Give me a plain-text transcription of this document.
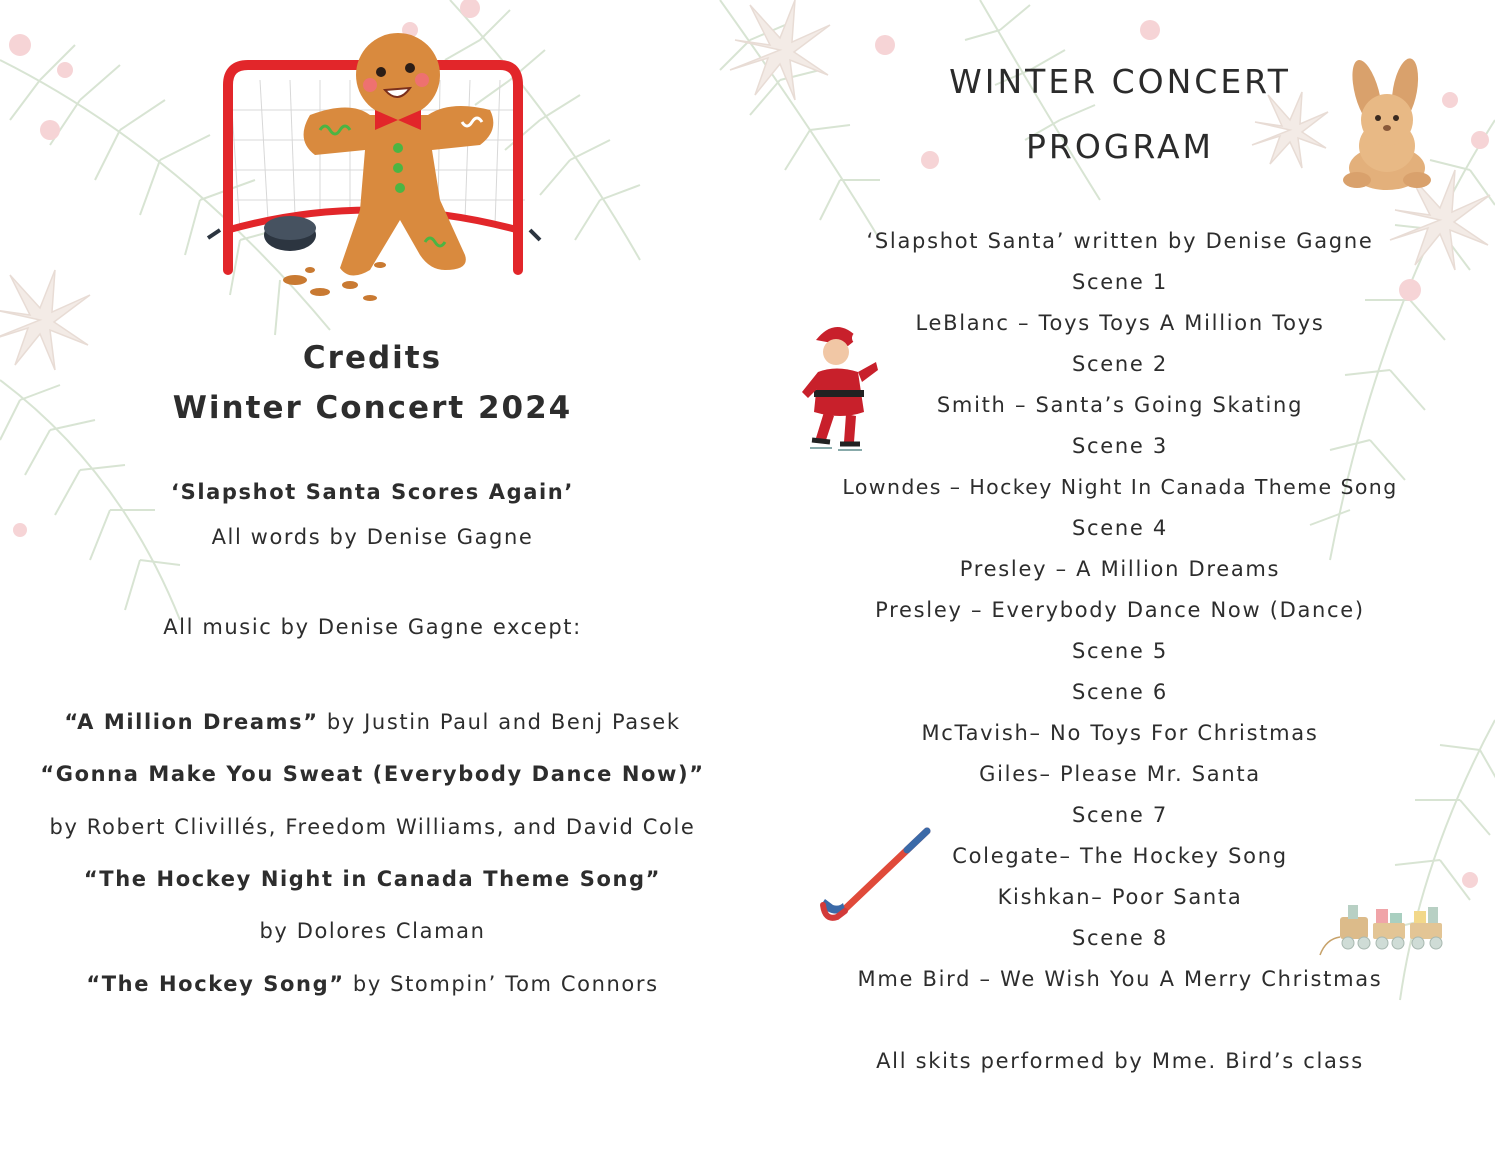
Credits
Winter Concert 2024
‘Slapshot Santa Scores Again’
All words by Denise Gagne
All music by Denise Gagne except:
“A Million Dreams” by Justin Paul and Benj Pasek
“Gonna Make You Sweat (Everybody Dance Now)”
by Robert Clivillés, Freedom Williams, and David Cole
“The Hockey Night in Canada Theme Song”
by Dolores Claman
“The Hockey Song” by Stompin’ Tom Connors
WINTER CONCERT
PROGRAM
‘Slapshot Santa’ written by Denise Gagne
Scene 1
LeBlanc – Toys Toys A Million Toys
Scene 2
Smith – Santa’s Going Skating
Scene 3
Lowndes – Hockey Night In Canada Theme Song
Scene 4
Presley – A Million Dreams
Presley – Everybody Dance Now (Dance)
Scene 5
Scene 6
McTavish– No Toys For Christmas
Giles– Please Mr. Santa
Scene 7
Colegate– The Hockey Song
Kishkan– Poor Santa
Scene 8
Mme Bird – We Wish You A Merry Christmas
All skits performed by Mme. Bird’s class
